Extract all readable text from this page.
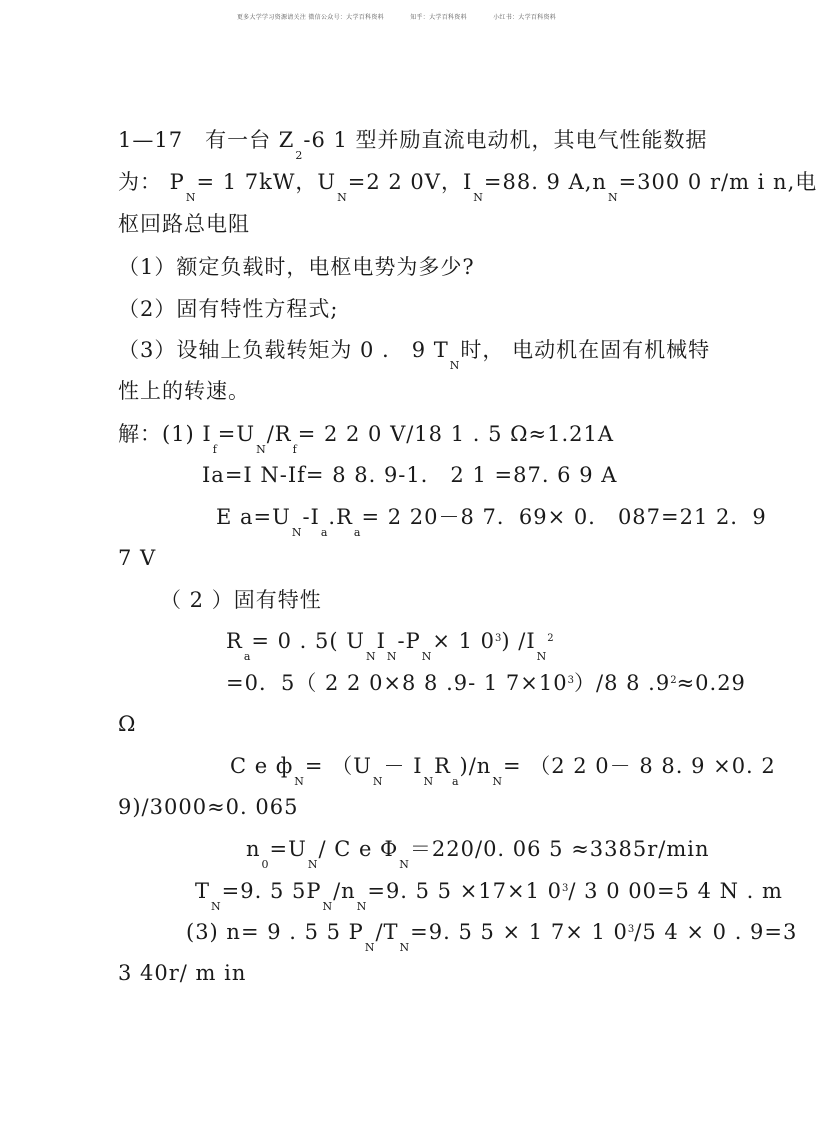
更多大学学习资源请关注 微信公众号：大学百科资料	知乎：大学百科资料	小红书：大学百科资料
1—17　有一台 $Z_2-6$ 1 型并励直流电动机，其电气性能数据
为： $P_N= 1$ 7kW，$U_N=2$ 2 0V，$I_N=88$. 9 $A,n_N=300$ 0 r/m i n,电
枢回路总电阻
（1）额定负载时，电枢电势为多少?
（2）固有特性方程式;
（3）设轴上负载转矩为 0 ． 9 $T_N$时， 电动机在固有机械特
性上的转速。
解：(1) $I_f=U_N/R_f= 2$ 2 0 V/18 1 . 5 Ω≈1.21A
Ia=I N-If= 8 8. 9-1． 2 1 =87. 6 9 A
E $a=U_N-I_a.R_a= 2$ 20－8 7．69× 0． 087=21 2．9
7 V
（ 2 ）固有特性
$R_a= 0$ . 5( $U_NI_N-P_N\times 1$ $0^3$) $/I_N^2$
=0．5（ 2 2 0×8 8 .9- 1 $7\times 10^3)/8$ 8 $.9^2\approx 0.29$
Ω
C e $ф_N= (U_N- I_NR_a)/n_N= (2$ 2 0－ 8 8. 9 ×0. 2
9)/3000≈0. 065
$n_0=U_N/$ C e $\Phi_N=220/0$. 06 5 ≈3385r/min
$T_N=9$. 5 $5P_N/n_N=9$. 5 5 ×17×1 $0^3/$ 3 0 00=5 4 N . m
(3) n= 9 . 5 5 $P_N/T_N=9$. 5 5 × 1 7× 1 $0^3/5$ 4 × 0 . 9=3
3 40r/ m in
